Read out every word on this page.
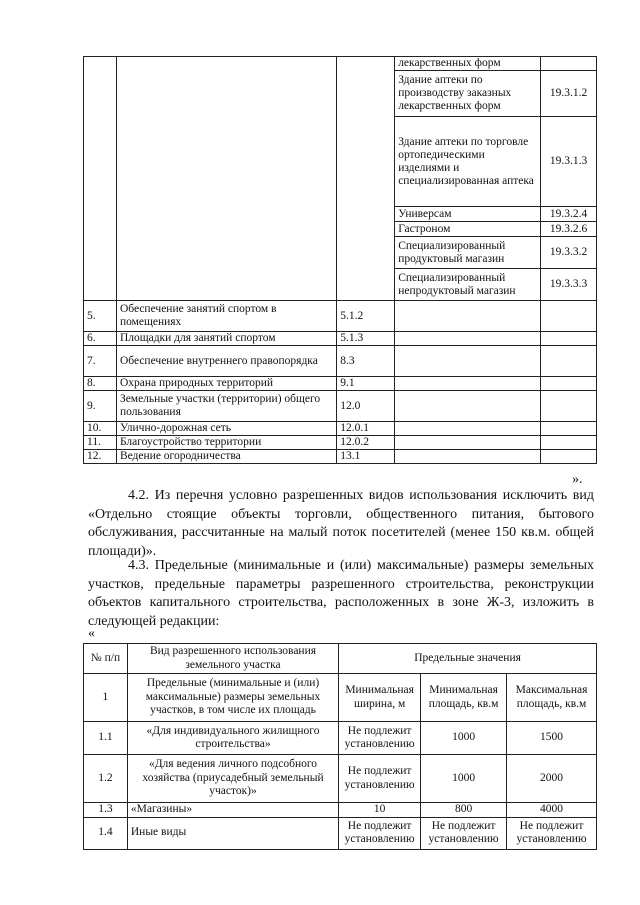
			лекарственных форм	
			Здание аптеки по производству заказных лекарственных форм	19.3.1.2
			Здание аптеки по торговле ортопедическими изделиями и специализированная аптека	19.3.1.3
			Универсам	19.3.2.4
			Гастроном	19.3.2.6
			Специализированный продуктовый магазин	19.3.3.2
			Специализированный непродуктовый магазин	19.3.3.3
5.	Обеспечение занятий спортом в помещениях	5.1.2		
6.	Площадки для занятий спортом	5.1.3		
7.	Обеспечение внутреннего правопорядка	8.3		
8.	Охрана природных территорий	9.1		
9.	Земельные участки (территории) общего пользования	12.0		
10.	Улично-дорожная сеть	12.0.1		
11.	Благоустройство территории	12.0.2		
12.	Ведение огородничества	13.1		
».
4.2. Из перечня условно разрешенных видов использования исключить вид «Отдельно стоящие объекты торговли, общественного питания, бытового обслуживания, рассчитанные на малый поток посетителей (менее 150 кв.м. общей площади)».
4.3. Предельные (минимальные и (или) максимальные) размеры земельных участков, предельные параметры разрешенного строительства, реконструкции объектов капитального строительства, расположенных в зоне Ж-3, изложить в следующей редакции:
«
№ п/п	Вид разрешенного использования земельного участка	Предельные значения		
1	Предельные (минимальные и (или) максимальные) размеры земельных участков, в том числе их площадь	Минимальная ширина, м	Минимальная площадь, кв.м	Максимальная площадь, кв.м
1.1	«Для индивидуального жилищного строительства»	Не подлежит установлению	1000	1500
1.2	«Для ведения личного подсобного хозяйства (приусадебный земельный участок)»	Не подлежит установлению	1000	2000
1.3	«Магазины»	10	800	4000
1.4	Иные виды	Не подлежит установлению	Не подлежит установлению	Не подлежит установлению
